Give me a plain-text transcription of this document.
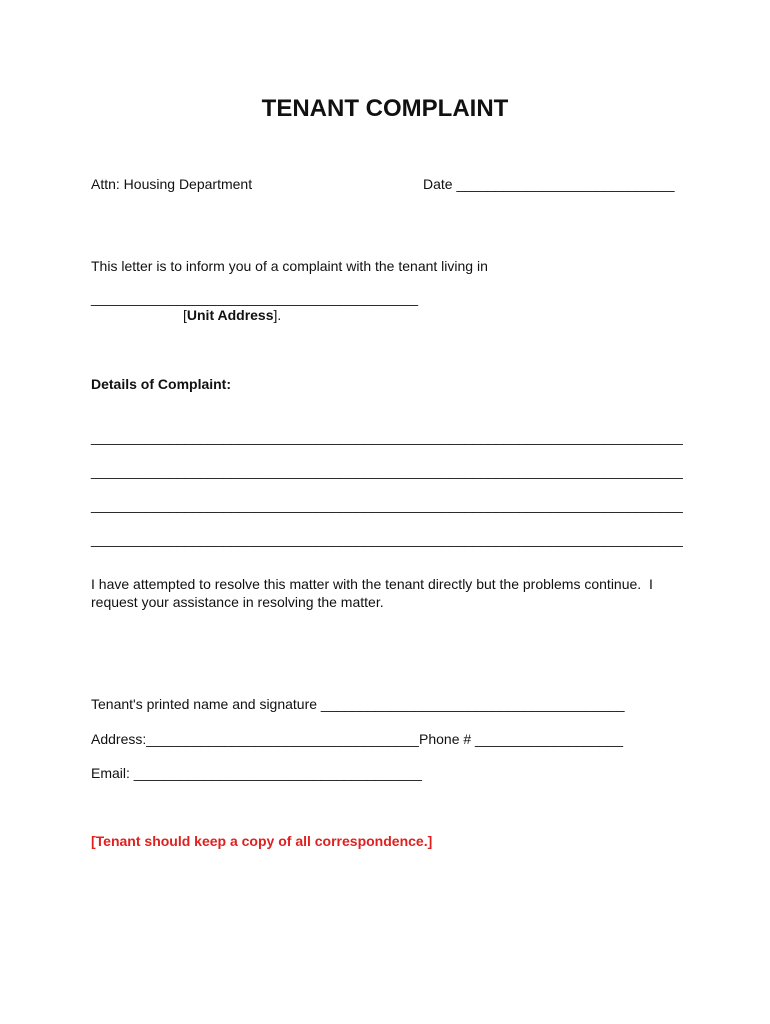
TENANT COMPLAINT
Attn: Housing Department	Date ____________________________
This letter is to inform you of a complaint with the tenant living in
__________________________________________
[Unit Address].
Details of Complaint:
____________________________________________________________________________
____________________________________________________________________________
____________________________________________________________________________
____________________________________________________________________________
I have attempted to resolve this matter with the tenant directly but the problems continue.  I
request your assistance in resolving the matter.
Tenant's printed name and signature _______________________________________
Address:___________________________________ Phone # ___________________
Email: _____________________________________
[Tenant should keep a copy of all correspondence.]
